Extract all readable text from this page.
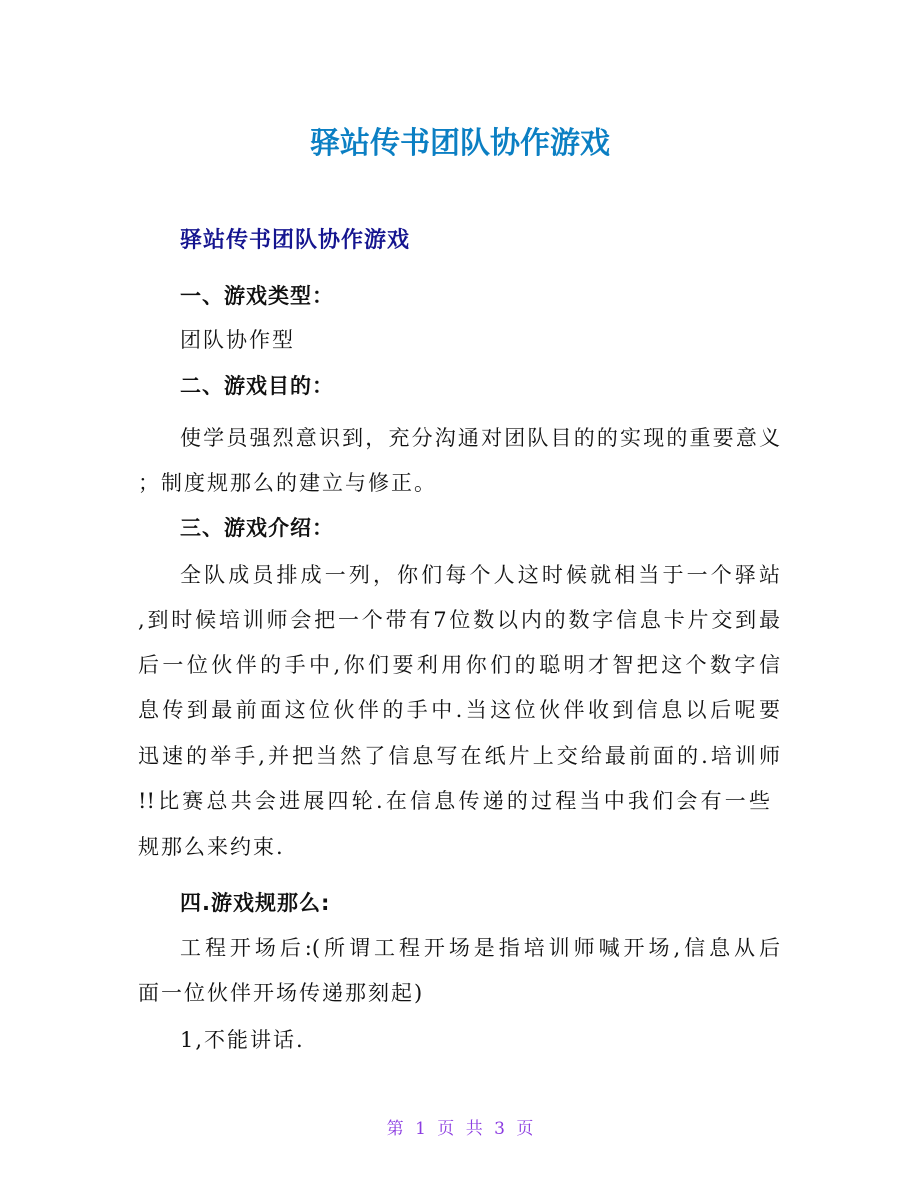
驿站传书团队协作游戏
驿站传书团队协作游戏
一、游戏类型：
团队协作型
二、游戏目的：
使学员强烈意识到，充分沟通对团队目的的实现的重要意义
；制度规那么的建立与修正。
三、游戏介绍：
全队成员排成一列，你们每个人这时候就相当于一个驿站
,到时候培训师会把一个带有7位数以内的数字信息卡片交到最
后一位伙伴的手中,你们要利用你们的聪明才智把这个数字信
息传到最前面这位伙伴的手中.当这位伙伴收到信息以后呢要
迅速的举手,并把当然了信息写在纸片上交给最前面的.培训师
!!比赛总共会进展四轮.在信息传递的过程当中我们会有一些
规那么来约束.
四.游戏规那么:
工程开场后:(所谓工程开场是指培训师喊开场,信息从后
面一位伙伴开场传递那刻起)
1,不能讲话.
第 1 页 共 3 页
